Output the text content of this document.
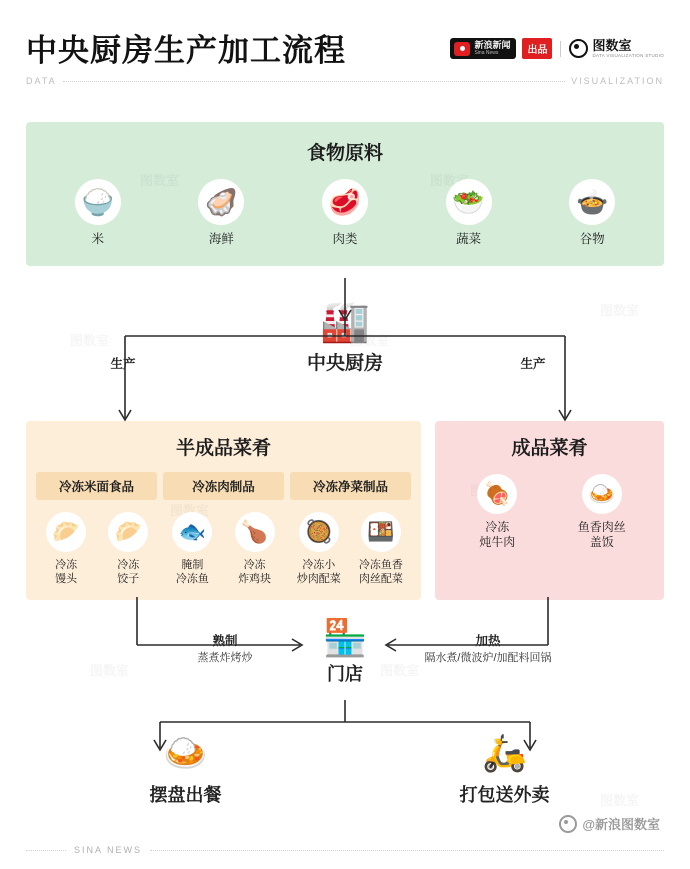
中央厨房生产加工流程	新浪新闻
Sina News	出品	图数室
DATA VISUALIZATION STUDIO
DATA	VISUALIZATION
食物原料
🍚
米
🦪
海鲜
🥩
肉类
🥗
蔬菜
🍲
谷物
🏭
中央厨房
半成品菜肴
冷冻米面食品	冷冻肉制品	冷冻净菜制品
🥟
冷冻
馒头
🥟
冷冻
饺子
🐟
腌制
冷冻鱼
🍗
冷冻
炸鸡块
🥘
冷冻小
炒肉配菜
🍱
冷冻鱼香
肉丝配菜
成品菜肴
🍖
冷冻
炖牛肉
🍛
鱼香肉丝
盖饭
生产	生产
熟制
蒸煮炸烤炒
加热
隔水煮/微波炉/加配料回锅
🏪
门店
🍛
摆盘出餐
🛵
打包送外卖
@新浪图数室
SINA NEWS
